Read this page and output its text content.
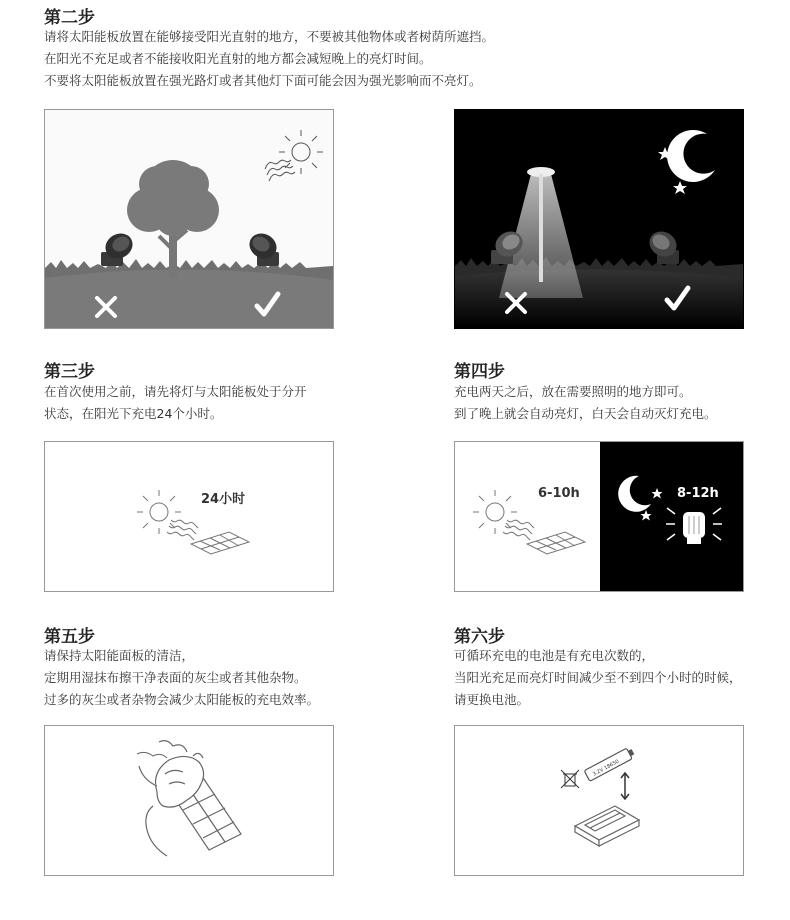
第二步
请将太阳能板放置在能够接受阳光直射的地方，不要被其他物体或者树荫所遮挡。
在阳光不充足或者不能接收阳光直射的地方都会减短晚上的亮灯时间。
不要将太阳能板放置在强光路灯或者其他灯下面可能会因为强光影响而不亮灯。
第三步
在首次使用之前，请先将灯与太阳能板处于分开
状态，在阳光下充电24个小时。
24小时
第四步
充电两天之后，放在需要照明的地方即可。
到了晚上就会自动亮灯，白天会自动灭灯充电。
6-10h	8-12h
第五步
请保持太阳能面板的清洁，
定期用湿抹布擦干净表面的灰尘或者其他杂物。
过多的灰尘或者杂物会减少太阳能板的充电效率。
第六步
可循环充电的电池是有充电次数的，
当阳光充足而亮灯时间减少至不到四个小时的时候，
请更换电池。
3.2V 18650
